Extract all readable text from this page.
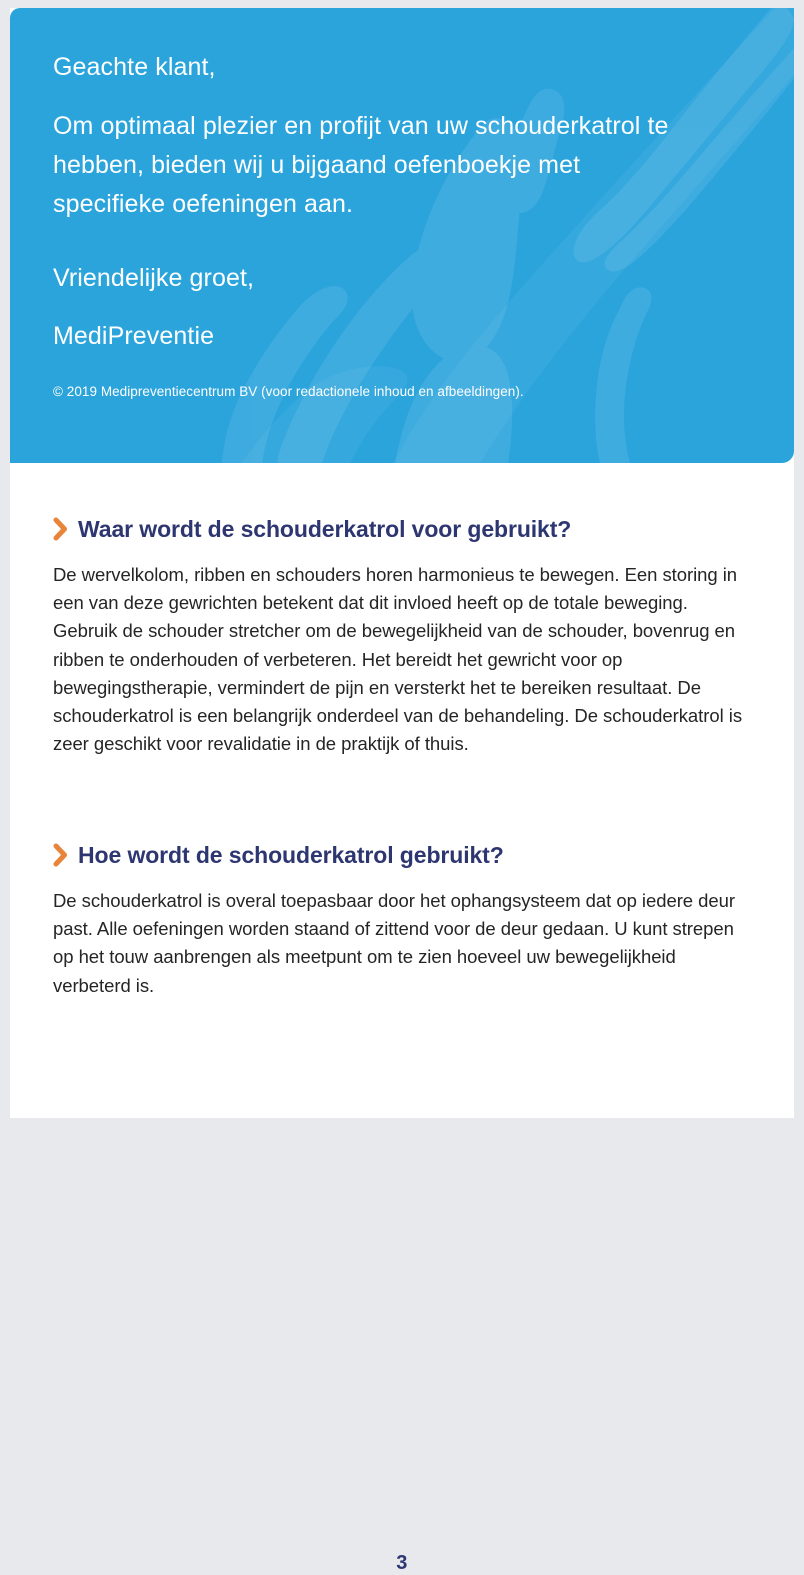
Geachte klant,
Om optimaal plezier en profijt van uw schouderkatrol te hebben, bieden wij u bijgaand oefenboekje met specifieke oefeningen aan.
Vriendelijke groet,
MediPreventie
© 2019 Medipreventiecentrum BV (voor redactionele inhoud en afbeeldingen).
Waar wordt de schouderkatrol voor gebruikt?

De wervelkolom, ribben en schouders horen harmonieus te bewegen. Een storing in een van deze gewrichten betekent dat dit invloed heeft op de totale beweging. Gebruik de schouder stretcher om de bewegelijkheid van de schouder, bovenrug en ribben te onderhouden of verbeteren. Het bereidt het gewricht voor op bewegingstherapie, vermindert de pijn en versterkt het te bereiken resultaat. De schouderkatrol is een belangrijk onderdeel van de behandeling. De schouderkatrol is zeer geschikt voor revalidatie in de praktijk of thuis.

Hoe wordt de schouderkatrol gebruikt?

De schouderkatrol is overal toepasbaar door het ophangsysteem dat op iedere deur past. Alle oefeningen worden staand of zittend voor de deur gedaan. U kunt strepen op het touw aanbrengen als meetpunt om te zien hoeveel uw bewegelijkheid verbeterd is.

3
